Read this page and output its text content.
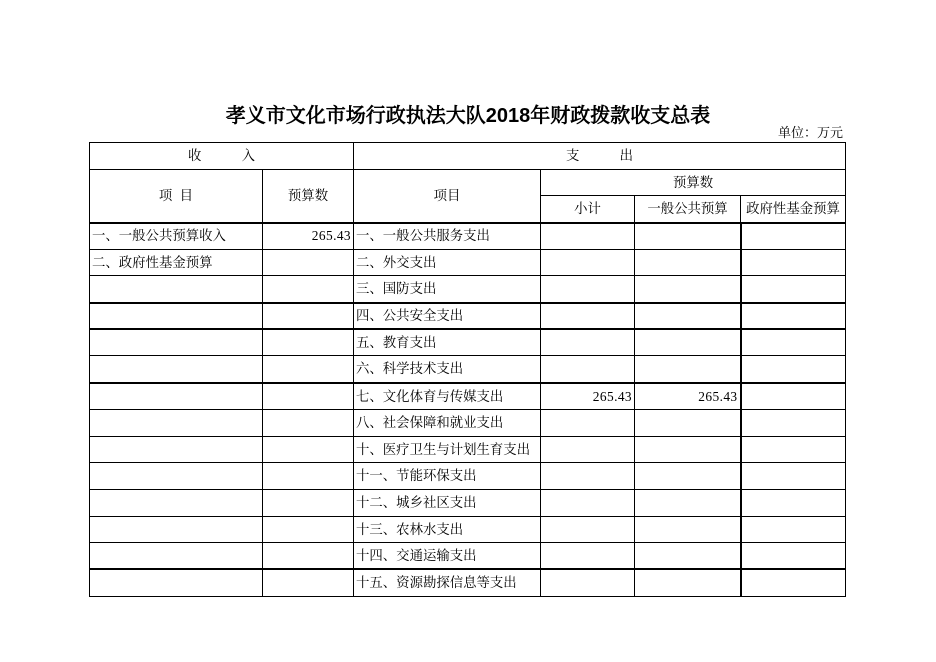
孝义市文化市场行政执法大队2018年财政拨款收支总表
单位：万元
收　　　入		支　　　出			
项 目	预算数	项目	预算数		
			小计	一般公共预算	政府性基金预算
一、一般公共预算收入	265.43	一、一般公共服务支出			
二、政府性基金预算		二、外交支出			
		三、国防支出			
		四、公共安全支出			
		五、教育支出			
		六、科学技术支出			
		七、文化体育与传媒支出	265.43	265.43	
		八、社会保障和就业支出			
		十、医疗卫生与计划生育支出			
		十一、节能环保支出			
		十二、城乡社区支出			
		十三、农林水支出			
		十四、交通运输支出			
		十五、资源勘探信息等支出			
